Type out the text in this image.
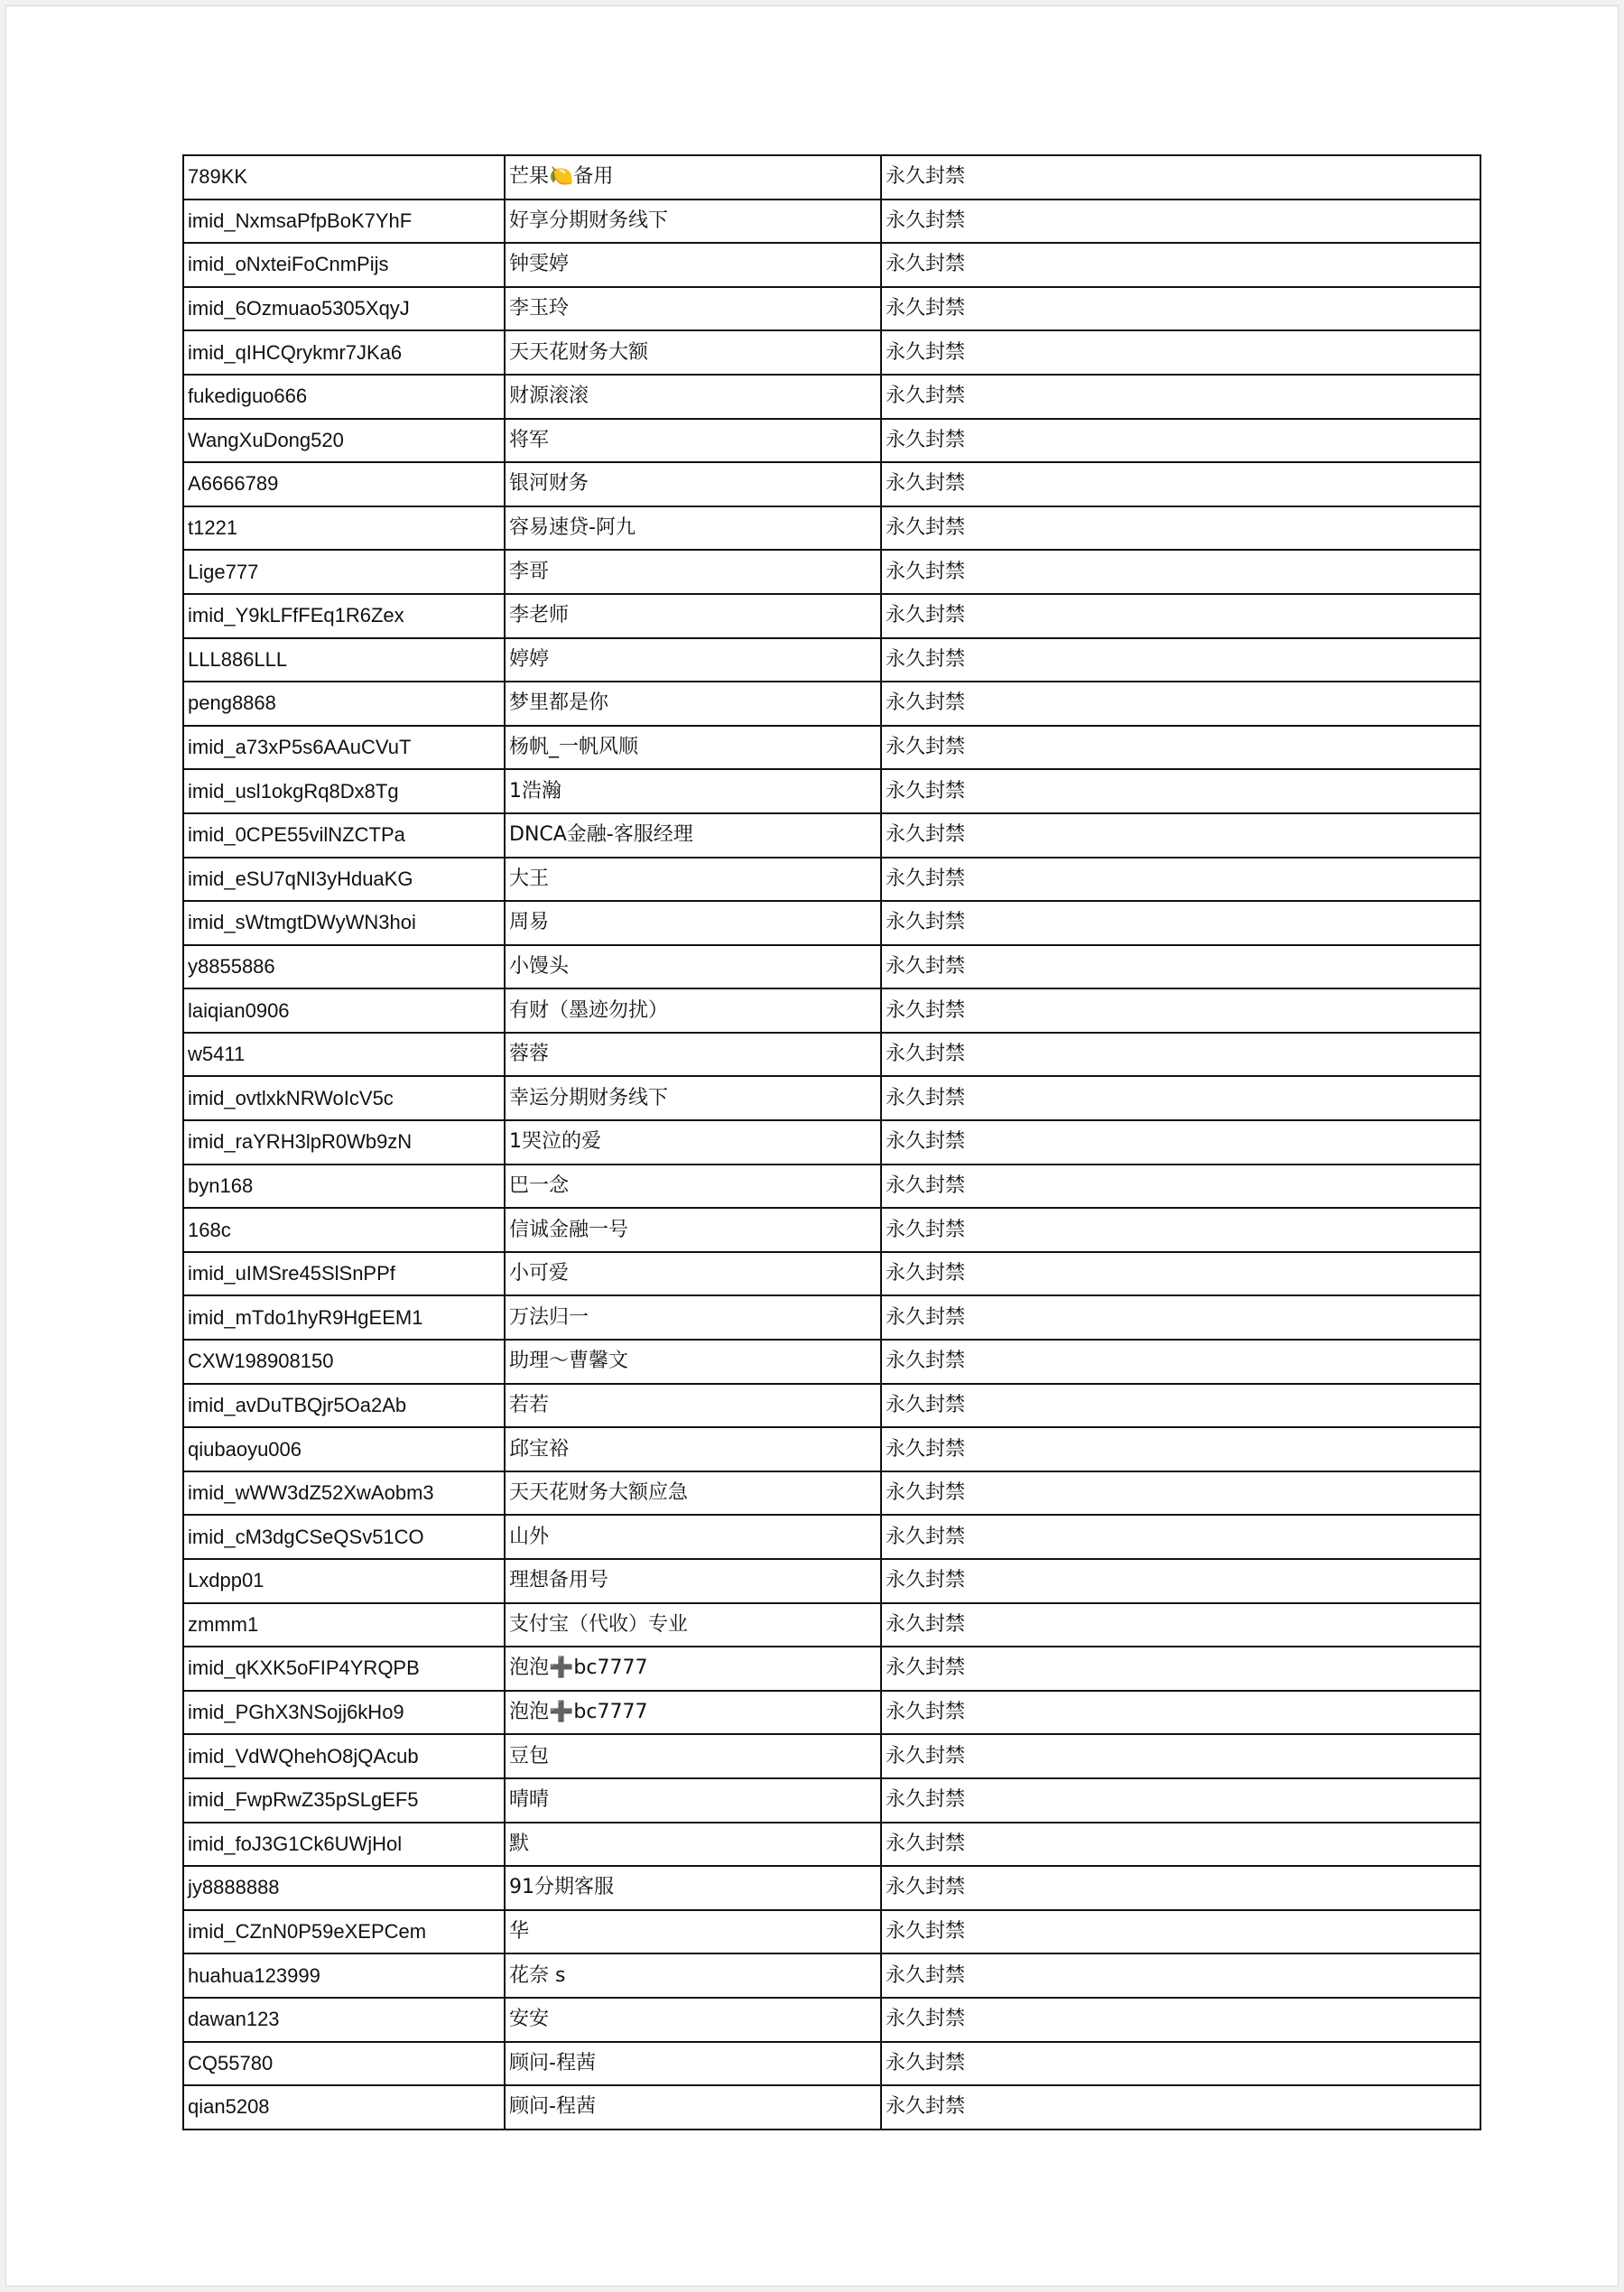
789KK	芒果🍋备用	永久封禁
imid_NxmsaPfpBoK7YhF	好享分期财务线下	永久封禁
imid_oNxteiFoCnmPijs	钟雯婷	永久封禁
imid_6Ozmuao5305XqyJ	李玉玲	永久封禁
imid_qIHCQrykmr7JKa6	天天花财务大额	永久封禁
fukediguo666	财源滚滚	永久封禁
WangXuDong520	将军	永久封禁
A6666789	银河财务	永久封禁
t1221	容易速贷-阿九	永久封禁
Lige777	李哥	永久封禁
imid_Y9kLFfFEq1R6Zex	李老师	永久封禁
LLL886LLL	婷婷	永久封禁
peng8868	梦里都是你	永久封禁
imid_a73xP5s6AAuCVuT	杨帆_一帆风顺	永久封禁
imid_usl1okgRq8Dx8Tg	1浩瀚	永久封禁
imid_0CPE55vilNZCTPa	DNCA金融-客服经理	永久封禁
imid_eSU7qNI3yHduaKG	大王	永久封禁
imid_sWtmgtDWyWN3hoi	周易	永久封禁
y8855886	小馒头	永久封禁
laiqian0906	有财（墨迹勿扰）	永久封禁
w5411	蓉蓉	永久封禁
imid_ovtlxkNRWoIcV5c	幸运分期财务线下	永久封禁
imid_raYRH3lpR0Wb9zN	1哭泣的爱	永久封禁
byn168	巴一念	永久封禁
168c	信诚金融一号	永久封禁
imid_uIMSre45SlSnPPf	小可爱	永久封禁
imid_mTdo1hyR9HgEEM1	万法归一	永久封禁
CXW198908150	助理～曹馨文	永久封禁
imid_avDuTBQjr5Oa2Ab	若若	永久封禁
qiubaoyu006	邱宝裕	永久封禁
imid_wWW3dZ52XwAobm3	天天花财务大额应急	永久封禁
imid_cM3dgCSeQSv51CO	山外	永久封禁
Lxdpp01	理想备用号	永久封禁
zmmm1	支付宝（代收）专业	永久封禁
imid_qKXK5oFIP4YRQPB	泡泡➕bc7777	永久封禁
imid_PGhX3NSojj6kHo9	泡泡➕bc7777	永久封禁
imid_VdWQhehO8jQAcub	豆包	永久封禁
imid_FwpRwZ35pSLgEF5	晴晴	永久封禁
imid_foJ3G1Ck6UWjHol	默	永久封禁
jy8888888	91分期客服	永久封禁
imid_CZnN0P59eXEPCem	华	永久封禁
huahua123999	花奈 s	永久封禁
dawan123	安安	永久封禁
CQ55780	顾问-程茜	永久封禁
qian5208	顾问-程茜	永久封禁
